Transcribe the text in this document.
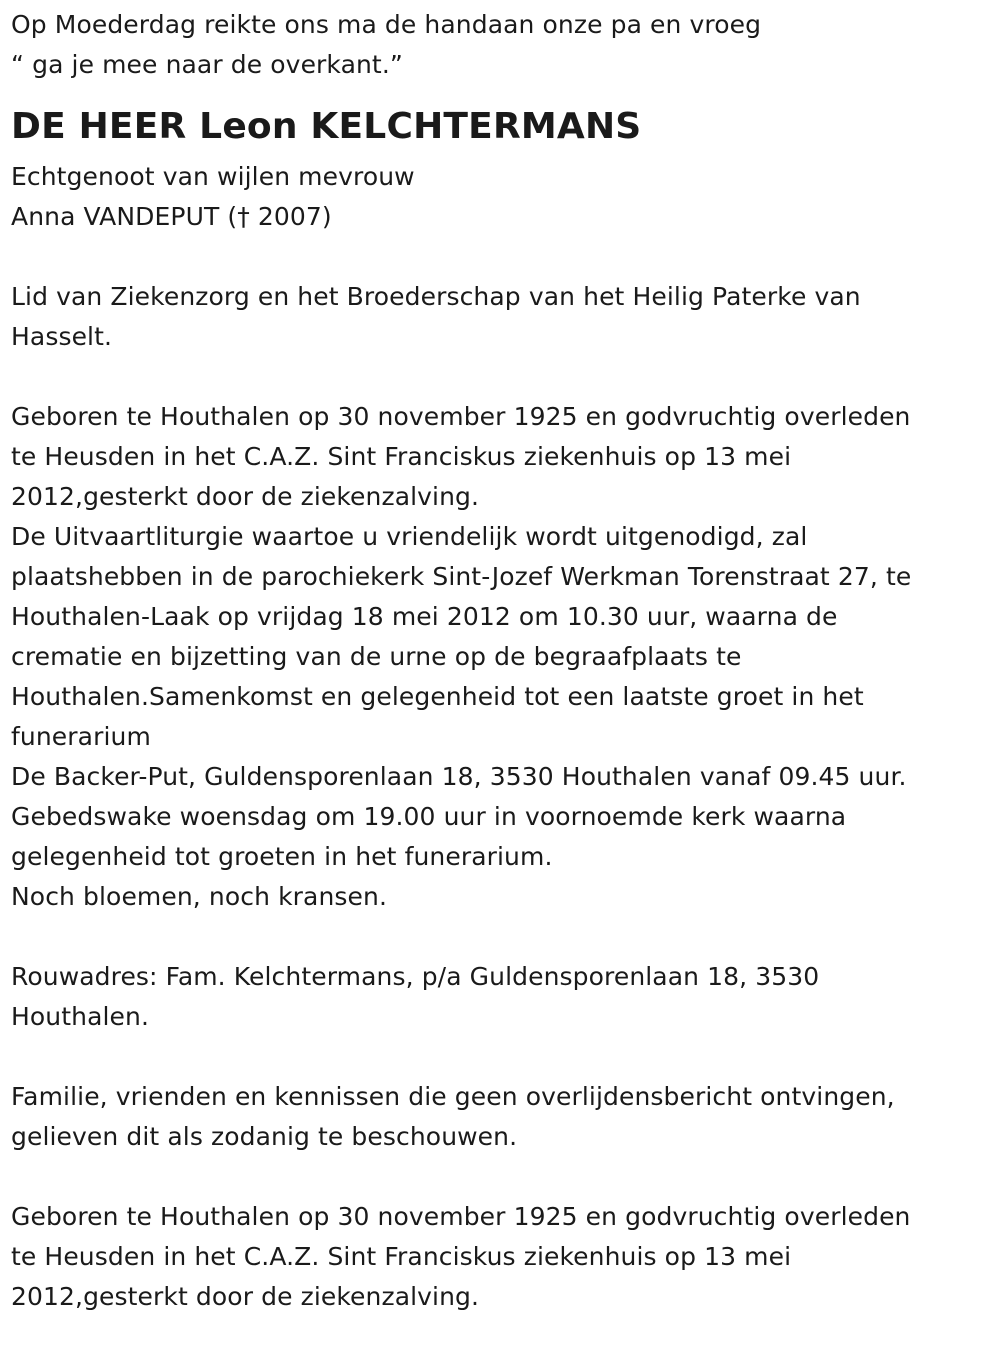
Op Moederdag reikte ons ma de handaan onze pa en vroeg
“ ga je mee naar de overkant.”
DE HEER Leon KELCHTERMANS
Echtgenoot van wijlen mevrouw
Anna VANDEPUT († 2007)
Lid van Ziekenzorg en het Broederschap van het Heilig Paterke van
Hasselt.
Geboren te Houthalen op 30 november 1925 en godvruchtig overleden
te Heusden in het C.A.Z. Sint Franciskus ziekenhuis op 13 mei
2012,gesterkt door de ziekenzalving.
De Uitvaartliturgie waartoe u vriendelijk wordt uitgenodigd, zal
plaatshebben in de parochiekerk Sint-Jozef Werkman Torenstraat 27, te
Houthalen-Laak op vrijdag 18 mei 2012 om 10.30 uur, waarna de
crematie en bijzetting van de urne op de begraafplaats te
Houthalen.Samenkomst en gelegenheid tot een laatste groet in het
funerarium
De Backer-Put, Guldensporenlaan 18, 3530 Houthalen vanaf 09.45 uur.
Gebedswake woensdag om 19.00 uur in voornoemde kerk waarna
gelegenheid tot groeten in het funerarium.
Noch bloemen, noch kransen.
Rouwadres: Fam. Kelchtermans, p/a Guldensporenlaan 18, 3530
Houthalen.
Familie, vrienden en kennissen die geen overlijdensbericht ontvingen,
gelieven dit als zodanig te beschouwen.
Geboren te Houthalen op 30 november 1925 en godvruchtig overleden
te Heusden in het C.A.Z. Sint Franciskus ziekenhuis op 13 mei
2012,gesterkt door de ziekenzalving.
